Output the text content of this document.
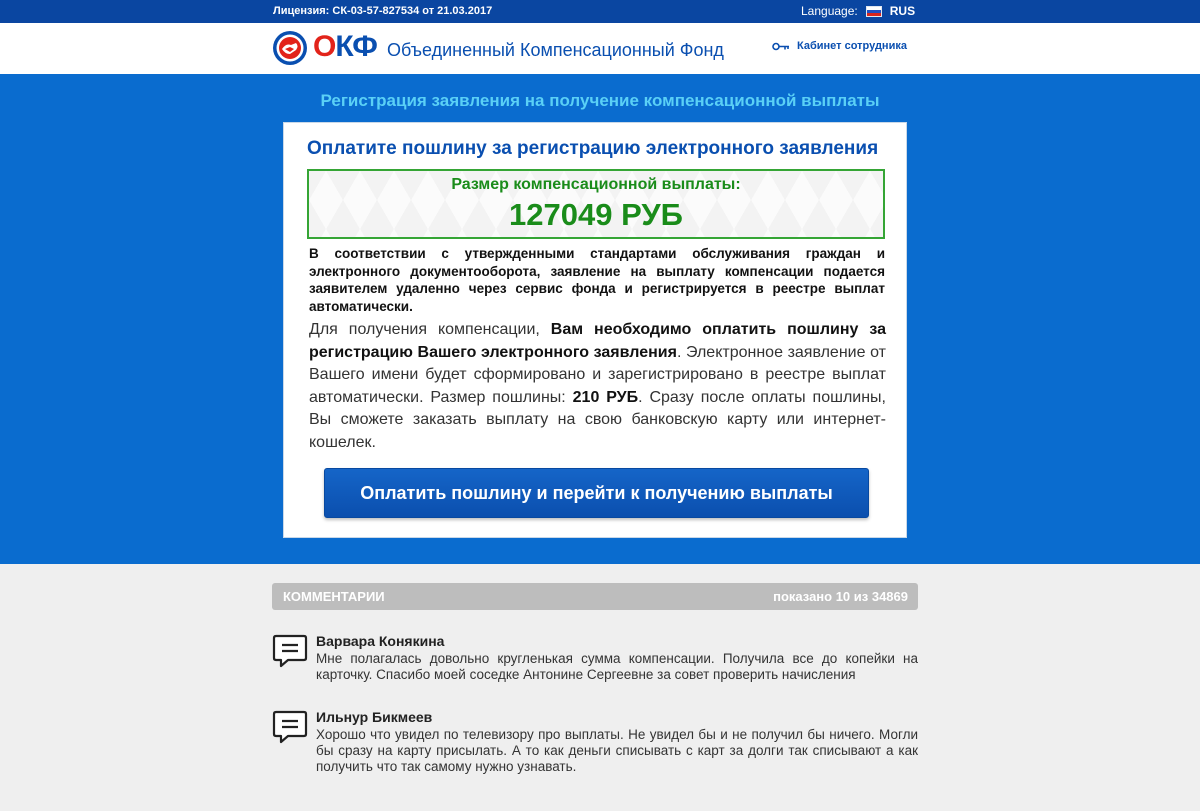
Лицензия: СК-03-57-827534 от 21.03.2017	Language:	RUS
ОКФ Объединенный Компенсационный Фонд	Кабинет сотрудника
Регистрация заявления на получение компенсационной выплаты
Оплатите пошлину за регистрацию электронного заявления
Размер компенсационной выплаты:
127049 РУБ
В соответствии с утвержденными стандартами обслуживания граждан и электронного документооборота, заявление на выплату компенсации подается заявителем удаленно через сервис фонда и регистрируется в реестре выплат автоматически.
Для получения компенсации, Вам необходимо оплатить пошлину за регистрацию Вашего электронного заявления. Электронное заявление от Вашего имени будет сформировано и зарегистрировано в реестре выплат автоматически. Размер пошлины: 210 РУБ. Сразу после оплаты пошлины, Вы сможете заказать выплату на свою банковскую карту или интернет-кошелек.
Оплатить пошлину и перейти к получению выплаты
КОММЕНТАРИИ	показано 10 из 34869
Варвара Конякина
Мне полагалась довольно кругленькая сумма компенсации. Получила все до копейки на карточку. Спасибо моей соседке Антонине Сергеевне за совет проверить начисления
Ильнур Бикмеев
Хорошо что увидел по телевизору про выплаты. Не увидел бы и не получил бы ничего. Могли бы сразу на карту присылать. А то как деньги списывать с карт за долги так списывают а как получить что так самому нужно узнавать.
